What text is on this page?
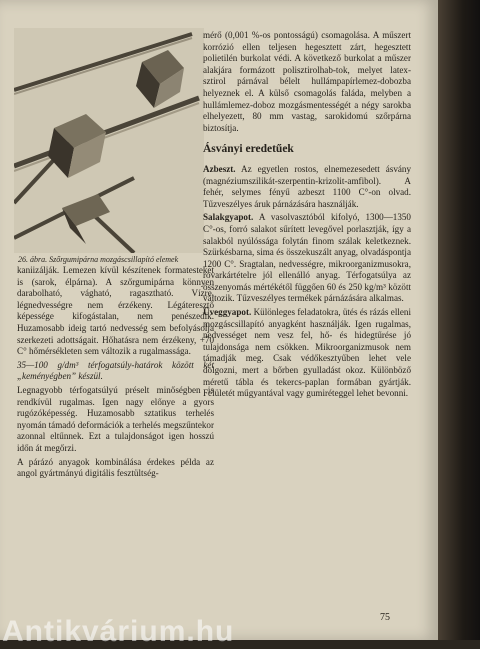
26. ábra. Szőrgumipárna mozgáscsillapító elemek

kaniizálják. Lemezen kívül készítenek formatesteket is (sarok, élpárna). A szőrgumipárna könnyen darabolható, vágható, ragasztható. Vízre, légnedvességre nem érzékeny. Légáteresztő képessége kifogástalan, nem penészedik. Huzamosabb ideig tartó nedvesség sem befolyásolja szerkezeti adottságait. Hőhatásra nem érzékeny, +70 C° hőmérsékleten sem változik a rugalmassága.

35—100 g/dm³ térfogatsúly-határok között két „keményégben” készül.

Legnagyobb térfogatsúlyú préselt minőségben is rendkívül rugalmas. Igen nagy előnye a gyors rugózóképesség. Huzamosabb sztatikus terhelés nyomán támadó deformációk a terhelés megszűntekor azonnal eltűnnek. Ezt a tulajdonságot igen hosszú időn át megőrzi.

A párázó anyagok kombinálása érdekes példa az angol gyártmányú digitális fesztültség-

mérő (0,001 %-os pontosságú) csomagolása. A műszert korrózió ellen teljesen hegesztett zárt, hegesztett polietilén burkolat védi. A következő burkolat a műszer alakjára formázott polisztirolhab-tok, melyet latex-sztirol párnával bélelt hullámpapírlemez-dobozba helyeznek el. A külső csomagolás faláda, melyben a hullámlemez-doboz mozgásmentességét a négy sarokba elhelyezett, 80 mm vastag, sarokidomú szőrpárna biztosítja.

Ásványi eredetűek

Azbeszt. Az egyetlen rostos, elnemezesedett ásvány (magnéziumszilikát-szerpentin-krizolit-amfibol). A fehér, selymes fényű azbeszt 1100 C°-on olvad. Tűzveszélyes áruk párnázására használják.

Salakgyapot. A vasolvasztóból kifolyó, 1300—1350 C°-os, forró salakot sűrített levegővel porlasztják, így a salakból nyúlóssága folytán finom szálak keletkeznek. Szürkésbarna, sima és összekuszált anyag, olvadáspontja 1200 C°. Sragtalan, nedvességre, mikroorganizmusokra, rovarkártételre jól ellenálló anyag. Térfogatsúlya az összenyomás mértékétől függően 60 és 250 kg/m³ között változik. Tűzveszélyes termékek párnázására alkalmas.

Üveggyapot. Különleges feladatokra, ütés és rázás elleni mozgáscsillapító anyagként használják. Igen rugalmas, nedvességet nem vesz fel, hő- és hidegtűrése jó tulajdonsága nem csökken. Mikroorganizmusok nem támadják meg. Csak védőkesztyűben lehet vele dolgozni, mert a bőrben gyulladást okoz. Különböző méretű tábla és tekercs-paplan formában gyártják. Felületét műgyantával vagy gumiréteggel lehet bevonni.

75
Antikvárium.hu
